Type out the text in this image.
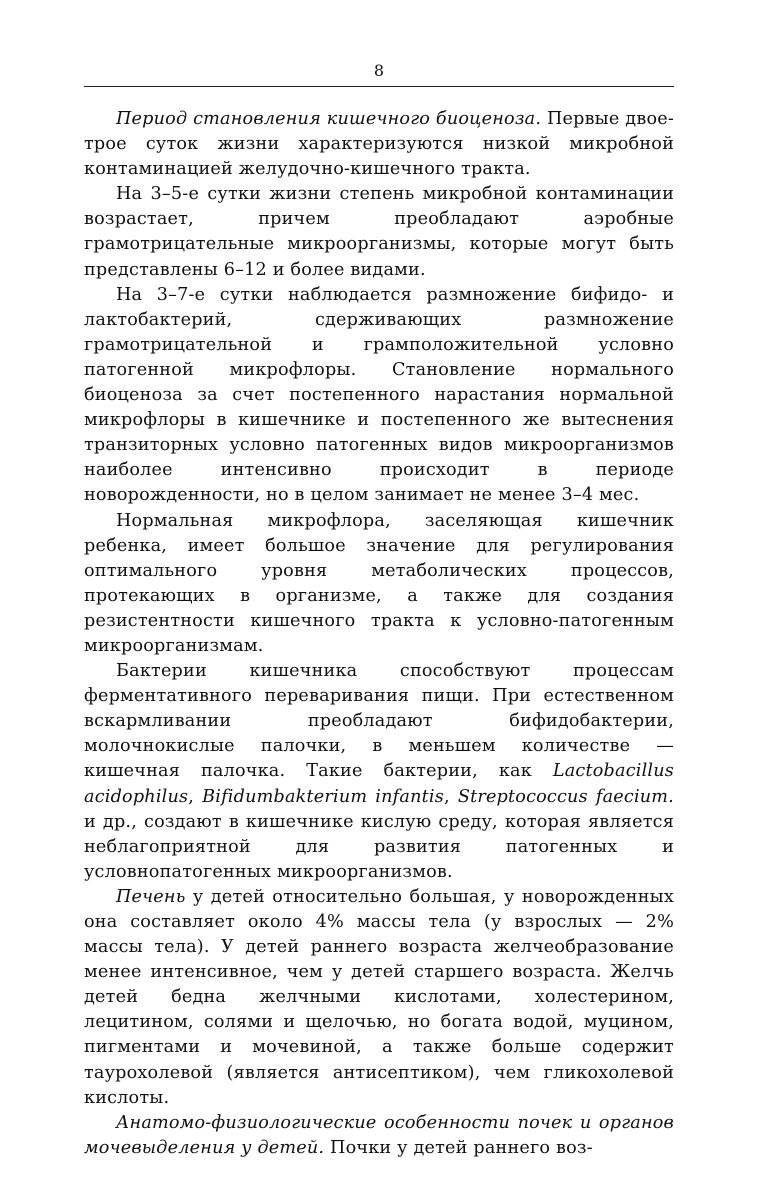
8

Период становления кишечного биоценоза. Первые двое-трое суток жизни характеризуются низкой микробной контаминацией желудочно-кишечного тракта.

На 3–5-е сутки жизни степень микробной контаминации возрастает, причем преобладают аэробные грамотрицательные микроорганизмы, которые могут быть представлены 6–12 и более видами.

На 3–7-е сутки наблюдается размножение бифидо- и лактобактерий, сдерживающих размножение грамотрицательной и грамположительной условно патогенной микрофлоры. Становление нормального биоценоза за счет постепенного нарастания нормальной микрофлоры в кишечнике и постепенного же вытеснения транзиторных условно патогенных видов микроорганизмов наиболее интенсивно происходит в периоде новорожденности, но в целом занимает не менее 3–4 мес.

Нормальная микрофлора, заселяющая кишечник ребенка, имеет большое значение для регулирования оптимального уровня метаболических процессов, протекающих в организме, а также для создания резистентности кишечного тракта к условно-патогенным микроорганизмам.

Бактерии кишечника способствуют процессам ферментативного переваривания пищи. При естественном вскармливании преобладают бифидобактерии, молочнокислые палочки, в меньшем количестве — кишечная палочка. Такие бактерии, как Lactobacillus acidophilus, Bifidumbakterium infantis, Streptococcus faecium. и др., создают в кишечнике кислую среду, которая является неблагоприятной для развития патогенных и условнопатогенных микроорганизмов.

Печень у детей относительно большая, у новорожденных она составляет около 4% массы тела (у взрослых — 2% массы тела). У детей раннего возраста желчеобразование менее интенсивное, чем у детей старшего возраста. Желчь детей бедна желчными кислотами, холестерином, лецитином, солями и щелочью, но богата водой, муцином, пигментами и мочевиной, а также больше содержит таурохолевой (является антисептиком), чем гликохолевой кислоты.

Анатомо-физиологические особенности почек и органов мочевыделения у детей. Почки у детей раннего воз-
